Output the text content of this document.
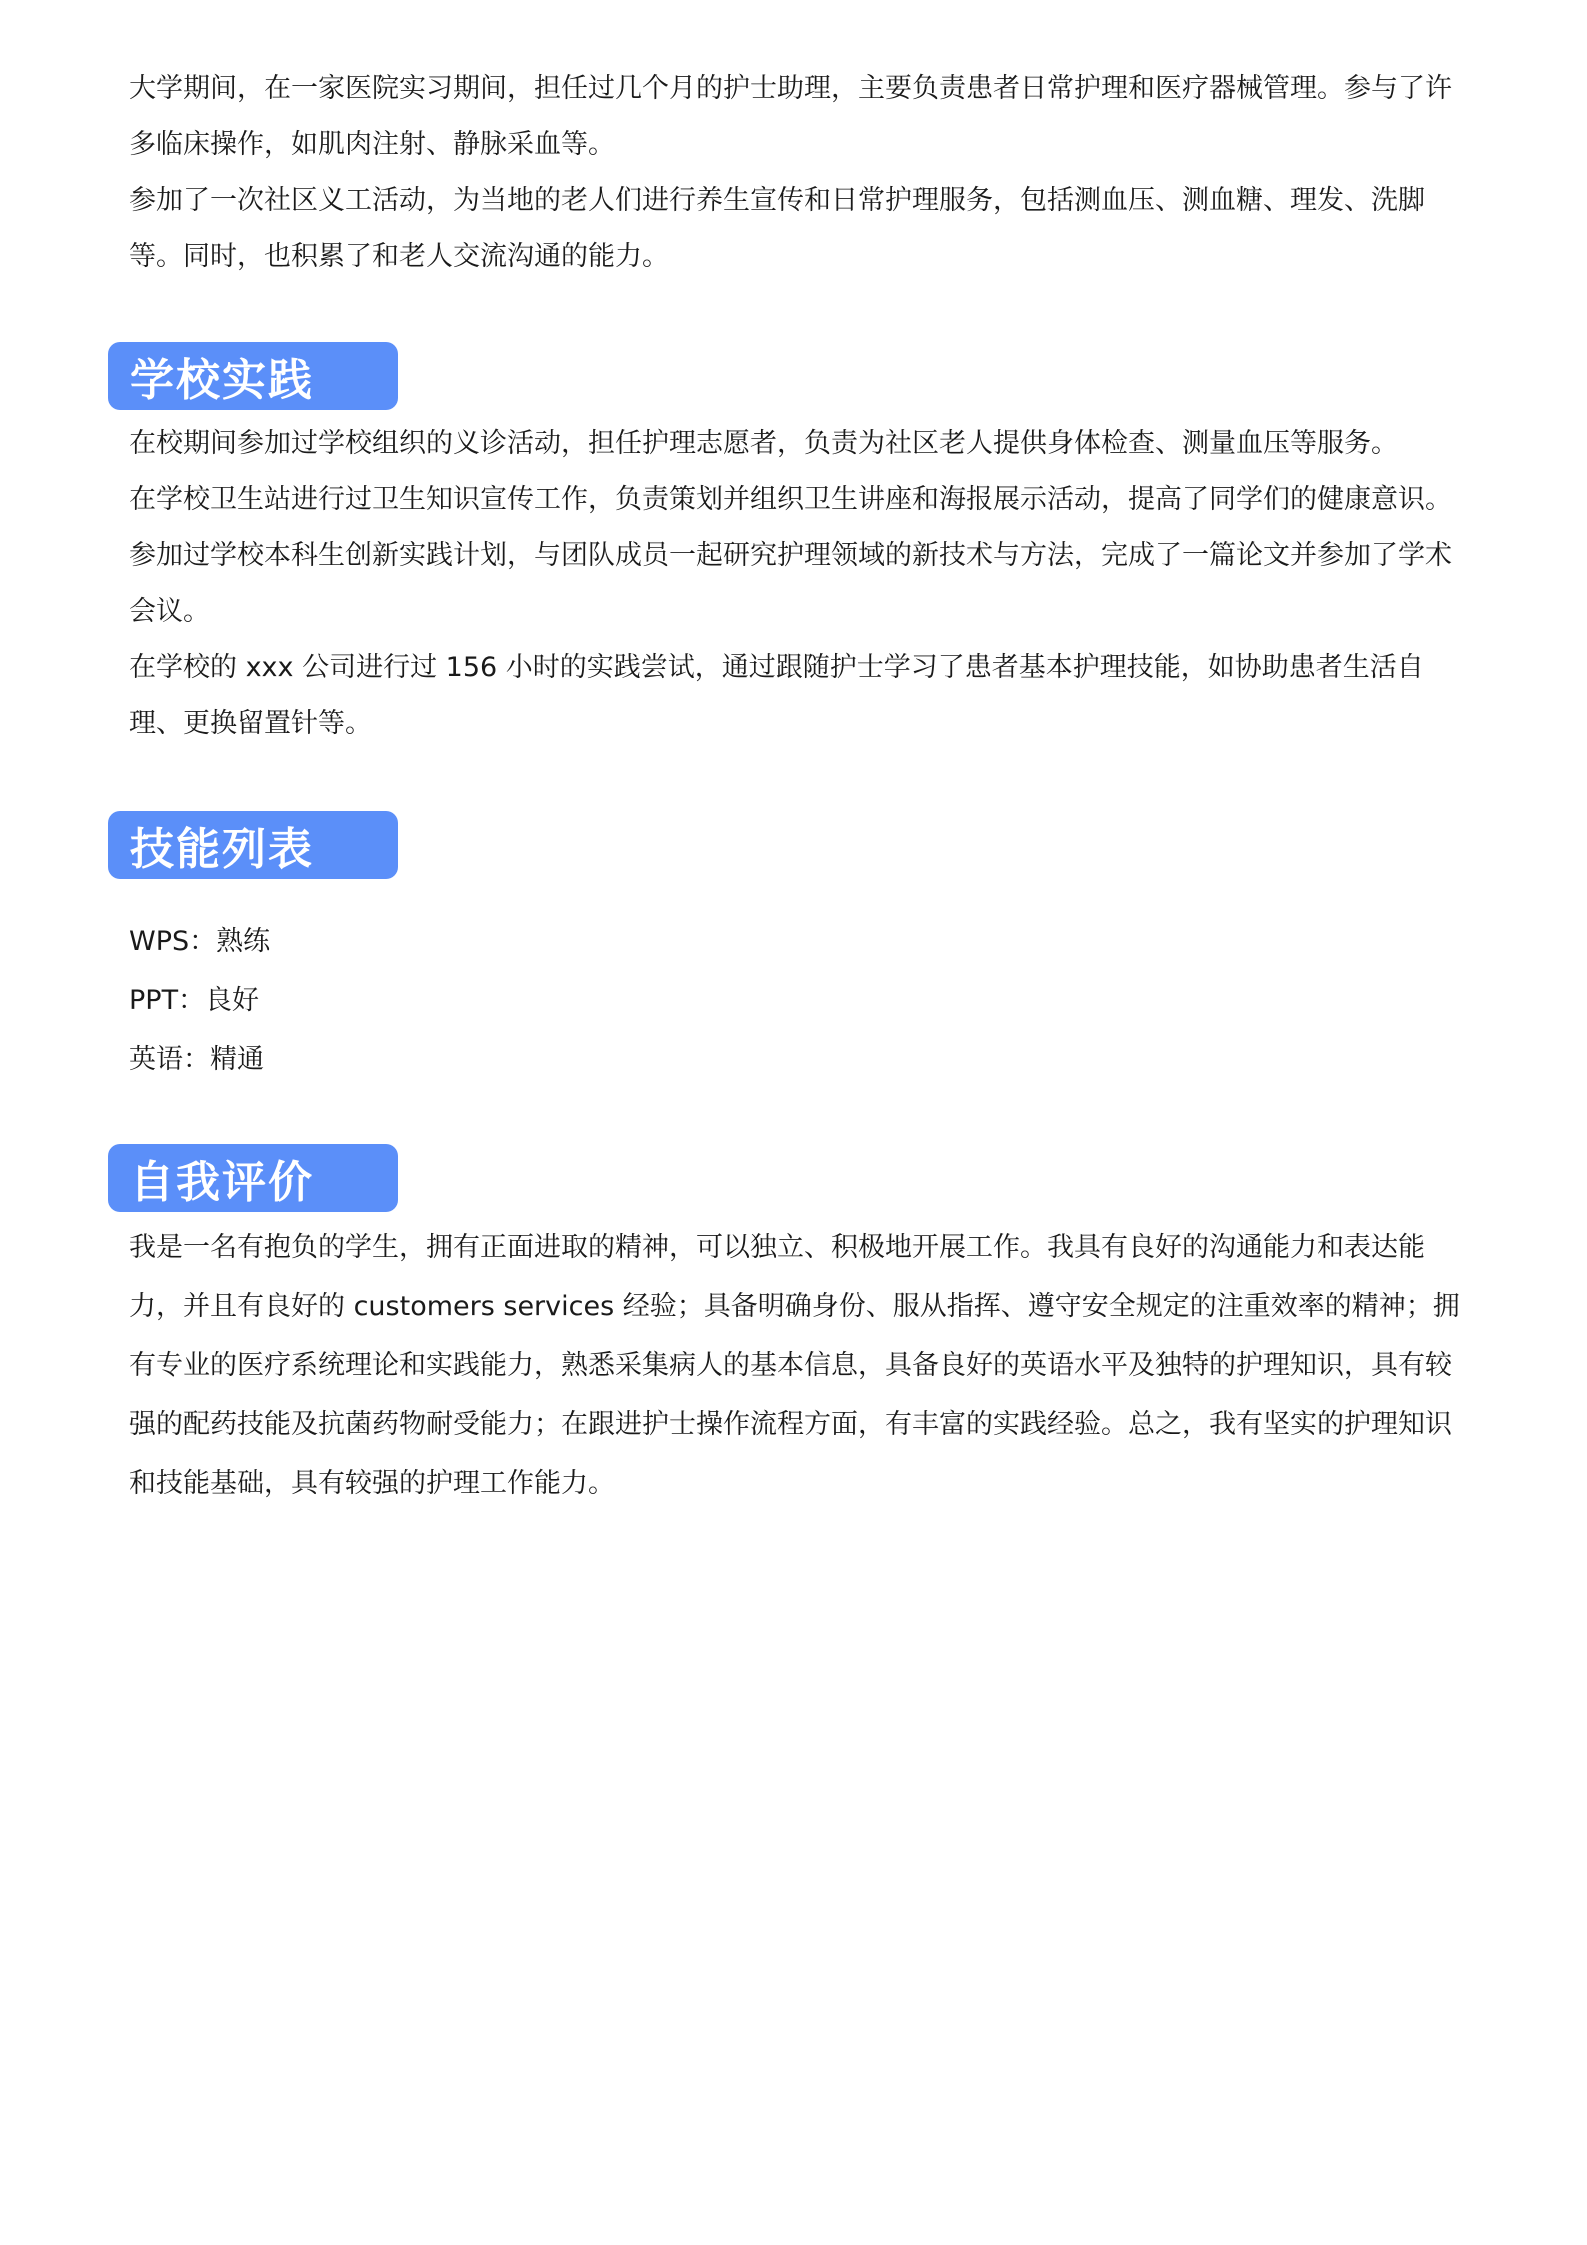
大学期间，在一家医院实习期间，担任过几个月的护士助理，主要负责患者日常护理和医疗器械管理。参与了许多临床操作，如肌肉注射、静脉采血等。

参加了一次社区义工活动，为当地的老人们进行养生宣传和日常护理服务，包括测血压、测血糖、理发、洗脚等。同时，也积累了和老人交流沟通的能力。

学校实践

在校期间参加过学校组织的义诊活动，担任护理志愿者，负责为社区老人提供身体检查、测量血压等服务。

在学校卫生站进行过卫生知识宣传工作，负责策划并组织卫生讲座和海报展示活动，提高了同学们的健康意识。

参加过学校本科生创新实践计划，与团队成员一起研究护理领域的新技术与方法，完成了一篇论文并参加了学术会议。

在学校的 xxx 公司进行过 156 小时的实践尝试，通过跟随护士学习了患者基本护理技能，如协助患者生活自理、更换留置针等。

技能列表
WPS：熟练
PPT：良好
英语：精通
自我评价

我是一名有抱负的学生，拥有正面进取的精神，可以独立、积极地开展工作。我具有良好的沟通能力和表达能力，并且有良好的 customers services 经验；具备明确身份、服从指挥、遵守安全规定的注重效率的精神；拥有专业的医疗系统理论和实践能力，熟悉采集病人的基本信息，具备良好的英语水平及独特的护理知识，具有较强的配药技能及抗菌药物耐受能力；在跟进护士操作流程方面，有丰富的实践经验。总之，我有坚实的护理知识和技能基础，具有较强的护理工作能力。
